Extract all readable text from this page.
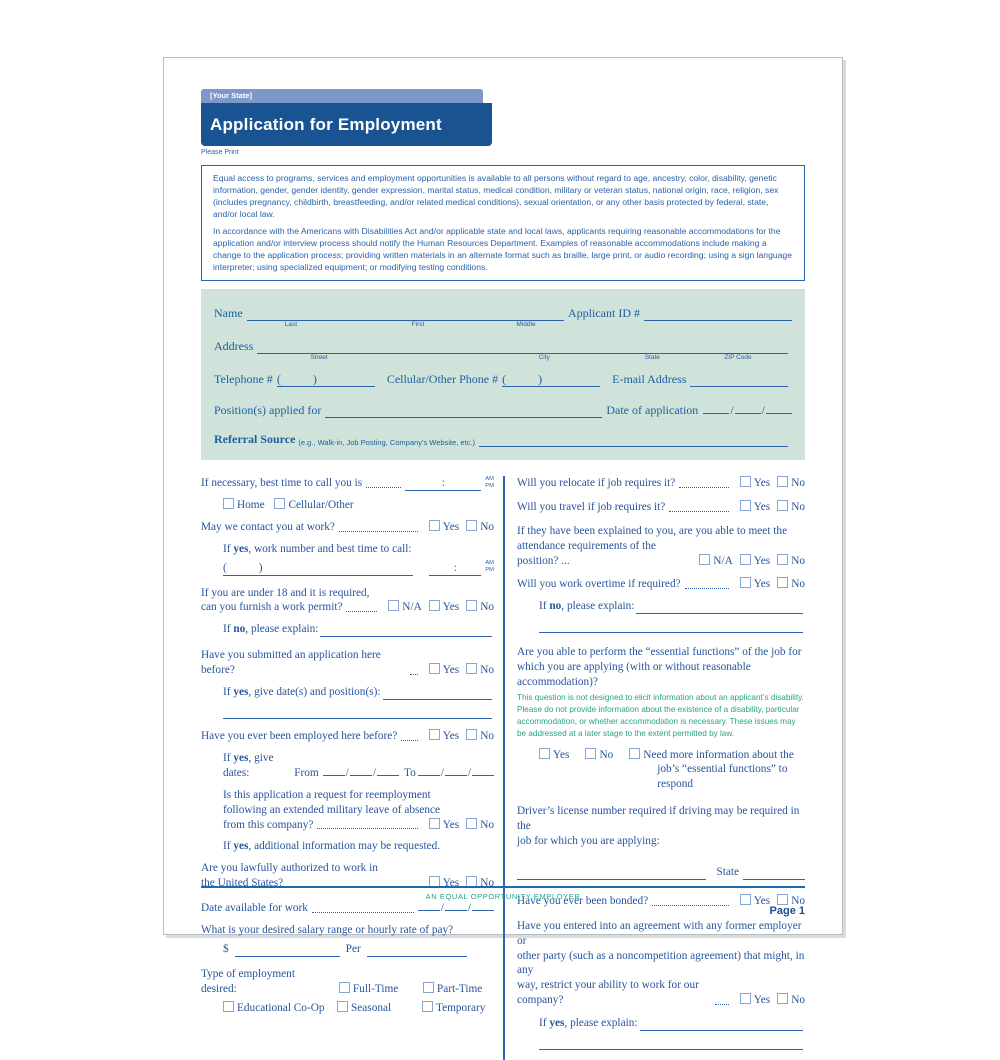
[Your State]
Application for Employment
Please Print

Equal access to programs, services and employment opportunities is available to all persons without regard to age, ancestry, color, disability, genetic information, gender, gender identity, gender expression, marital status, medical condition, military or veteran status, national origin, race, religion, sex (includes pregnancy, childbirth, breastfeeding, and/or related medical conditions), sexual orientation, or any other basis protected by federal, state, and/or local law.

In accordance with the Americans with Disabilities Act and/or applicable state and local laws, applicants requiring reasonable accommodations for the application and/or interview process should notify the Human Resources Department. Examples of reasonable accommodations include making a change to the application process; providing written materials in an alternate format such as braille, large print, or audio recording; using a sign language interpreter; using specialized equipment; or modifying testing conditions.

Name
Last	First	Middle
Applicant ID #
Address
Street	City	State	ZIP Code
Telephone # (	)	Cellular/Other Phone # (	)	E-mail Address
Position(s) applied for	Date of application	/ /
Referral Source (e.g., Walk-in, Job Posting, Company’s Website, etc.)
If necessary, best time to call you is	:	AM
PM
Home Cellular/Other
May we contact you at work?	Yes	No
If yes, work number and best time to call:
(	)	:	AM
PM
If you are under 18 and it is required,
can you furnish a work permit?	N/A	Yes	No
If no, please explain:
Have you submitted an application here before?	Yes	No
If yes, give date(s) and position(s):
Have you ever been employed here before?	Yes	No
If yes, give dates:	From	/ /	To	/ /
Is this application a request for reemployment
following an extended military leave of absence
from this company?	Yes	No
If yes, additional information may be requested.
Are you lawfully authorized to work in
the United States?	Yes	No
Date available for work	/ /
What is your desired salary range or hourly rate of pay?
$	Per
Type of employment desired:	Full-Time	Part-Time
Educational Co-Op	Seasonal	Temporary
Will you relocate if job requires it?	Yes	No
Will you travel if job requires it?	Yes	No
If they have been explained to you, are you able to meet the
attendance requirements of the position? ...	N/A	Yes	No
Will you work overtime if required?	Yes	No
If no, please explain:
Are you able to perform the “essential functions” of the job for which you are applying (with or without reasonable accommodation)?
This question is not designed to elicit information about an applicant’s disability. Please do not provide information about the existence of a disability, particular accommodation, or whether accommodation is necessary. These issues may be addressed at a later stage to the extent permitted by law.
Yes	No	Need more information about the
job’s “essential functions” to respond
Driver’s license number required if driving may be required in the
job for which you are applying:
State
Have you ever been bonded?	Yes	No
Have you entered into an agreement with any former employer or
other party (such as a noncompetition agreement) that might, in any
way, restrict your ability to work for our company?	Yes	No
If yes, please explain:
AN EQUAL OPPORTUNITY EMPLOYER
Page 1
